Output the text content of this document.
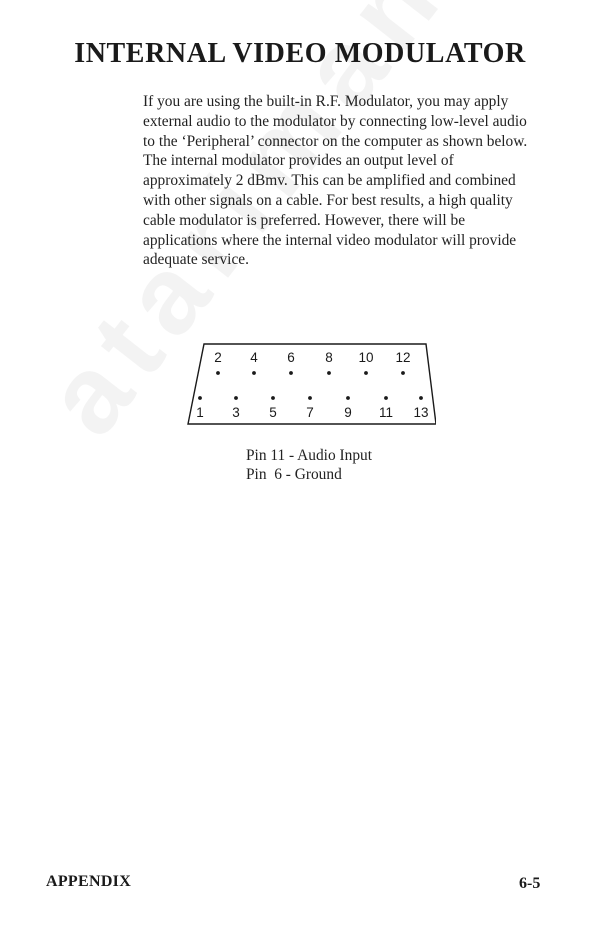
INTERNAL VIDEO MODULATOR

If you are using the built-in R.F. Modulator, you may apply external audio to the modulator by connecting low-level audio to the ‘Peripheral’ connector on the computer as shown below. The internal modulator provides an output level of approximately 2 dBmv. This can be amplified and combined with other signals on a cable. For best results, a high quality cable modulator is preferred. However, there will be applications where the internal video modulator will provide adequate service.

2 4 6 8 10 12
1 3 5 7 9 11 13
Pin 11 - Audio Input
Pin  6 - Ground
APPENDIX	6-5
